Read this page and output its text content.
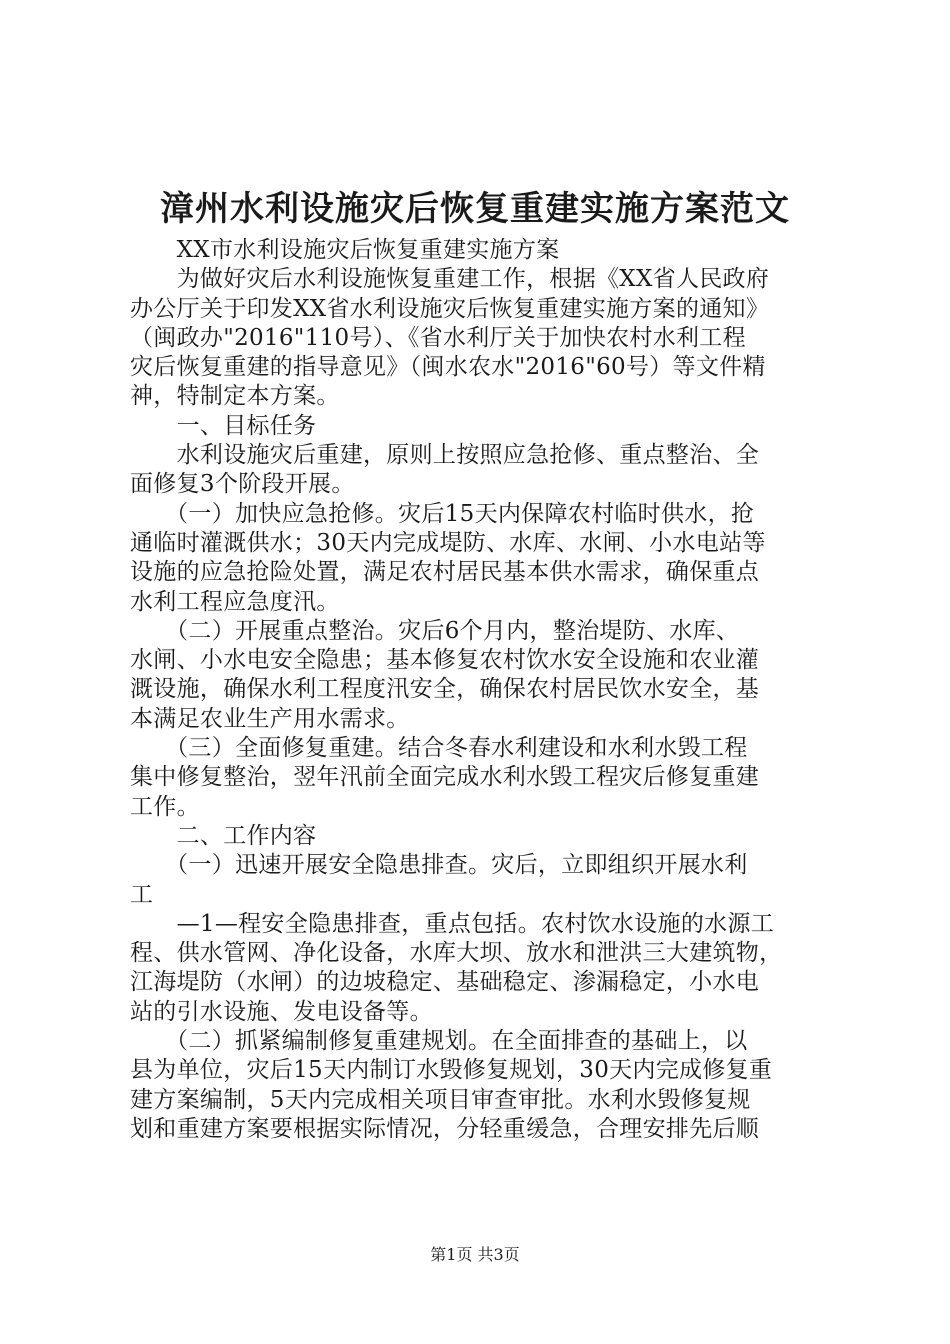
漳州水利设施灾后恢复重建实施方案范文
　　XX市水利设施灾后恢复重建实施方案
　　为做好灾后水利设施恢复重建工作，根据《XX省人民政府
办公厅关于印发XX省水利设施灾后恢复重建实施方案的通知》
（闽政办"2016"110号）、《省水利厅关于加快农村水利工程
灾后恢复重建的指导意见》（闽水农水"2016"60号）等文件精
神，特制定本方案。
　　一、目标任务
　　水利设施灾后重建，原则上按照应急抢修、重点整治、全
面修复3个阶段开展。
　　（一）加快应急抢修。灾后15天内保障农村临时供水，抢
通临时灌溉供水；30天内完成堤防、水库、水闸、小水电站等
设施的应急抢险处置，满足农村居民基本供水需求，确保重点
水利工程应急度汛。
　　（二）开展重点整治。灾后6个月内，整治堤防、水库、
水闸、小水电安全隐患；基本修复农村饮水安全设施和农业灌
溉设施，确保水利工程度汛安全，确保农村居民饮水安全，基
本满足农业生产用水需求。
　　（三）全面修复重建。结合冬春水利建设和水利水毁工程
集中修复整治，翌年汛前全面完成水利水毁工程灾后修复重建
工作。
　　二、工作内容
　　（一）迅速开展安全隐患排查。灾后，立即组织开展水利
工
　　—1—程安全隐患排查，重点包括。农村饮水设施的水源工
程、供水管网、净化设备，水库大坝、放水和泄洪三大建筑物，
江海堤防（水闸）的边坡稳定、基础稳定、渗漏稳定，小水电
站的引水设施、发电设备等。
　　（二）抓紧编制修复重建规划。在全面排查的基础上，以
县为单位，灾后15天内制订水毁修复规划，30天内完成修复重
建方案编制，5天内完成相关项目审查审批。水利水毁修复规
划和重建方案要根据实际情况，分轻重缓急，合理安排先后顺
第1页 共3页
